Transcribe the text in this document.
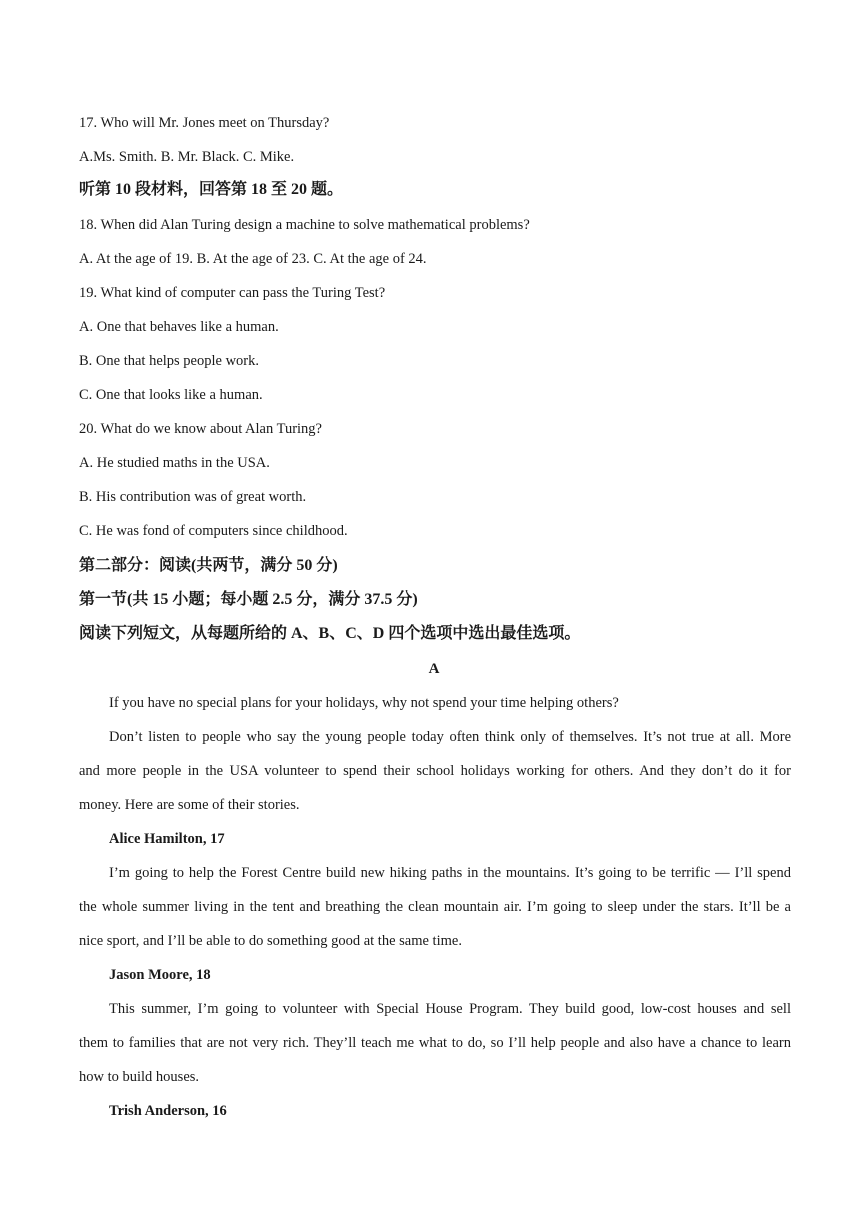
17. Who will Mr. Jones meet on Thursday?
A.Ms. Smith. B. Mr. Black. C. Mike.
听第 10 段材料，回答第 18 至 20 题。
18. When did Alan Turing design a machine to solve mathematical problems?
A. At the age of 19. B. At the age of 23. C. At the age of 24.
19. What kind of computer can pass the Turing Test?
A. One that behaves like a human.
B. One that helps people work.
C. One that looks like a human.
20. What do we know about Alan Turing?
A. He studied maths in the USA.
B. His contribution was of great worth.
C. He was fond of computers since childhood.
第二部分：阅读(共两节，满分 50 分)
第一节(共 15 小题；每小题 2.5 分，满分 37.5 分)
阅读下列短文，从每题所给的 A、B、C、D 四个选项中选出最佳选项。
A
If you have no special plans for your holidays, why not spend your time helping others?
Don’t listen to people who say the young people today often think only of themselves. It’s not true at all. More
and more people in the USA volunteer to spend their school holidays working for others. And they don’t do it for
money. Here are some of their stories.
Alice Hamilton, 17
I’m going to help the Forest Centre build new hiking paths in the mountains. It’s going to be terrific — I’ll spend
the whole summer living in the tent and breathing the clean mountain air. I’m going to sleep under the stars. It’ll be a
nice sport, and I’ll be able to do something good at the same time.
Jason Moore, 18
This summer, I’m going to volunteer with Special House Program. They build good, low-cost houses and sell
them to families that are not very rich. They’ll teach me what to do, so I’ll help people and also have a chance to learn
how to build houses.
Trish Anderson, 16
